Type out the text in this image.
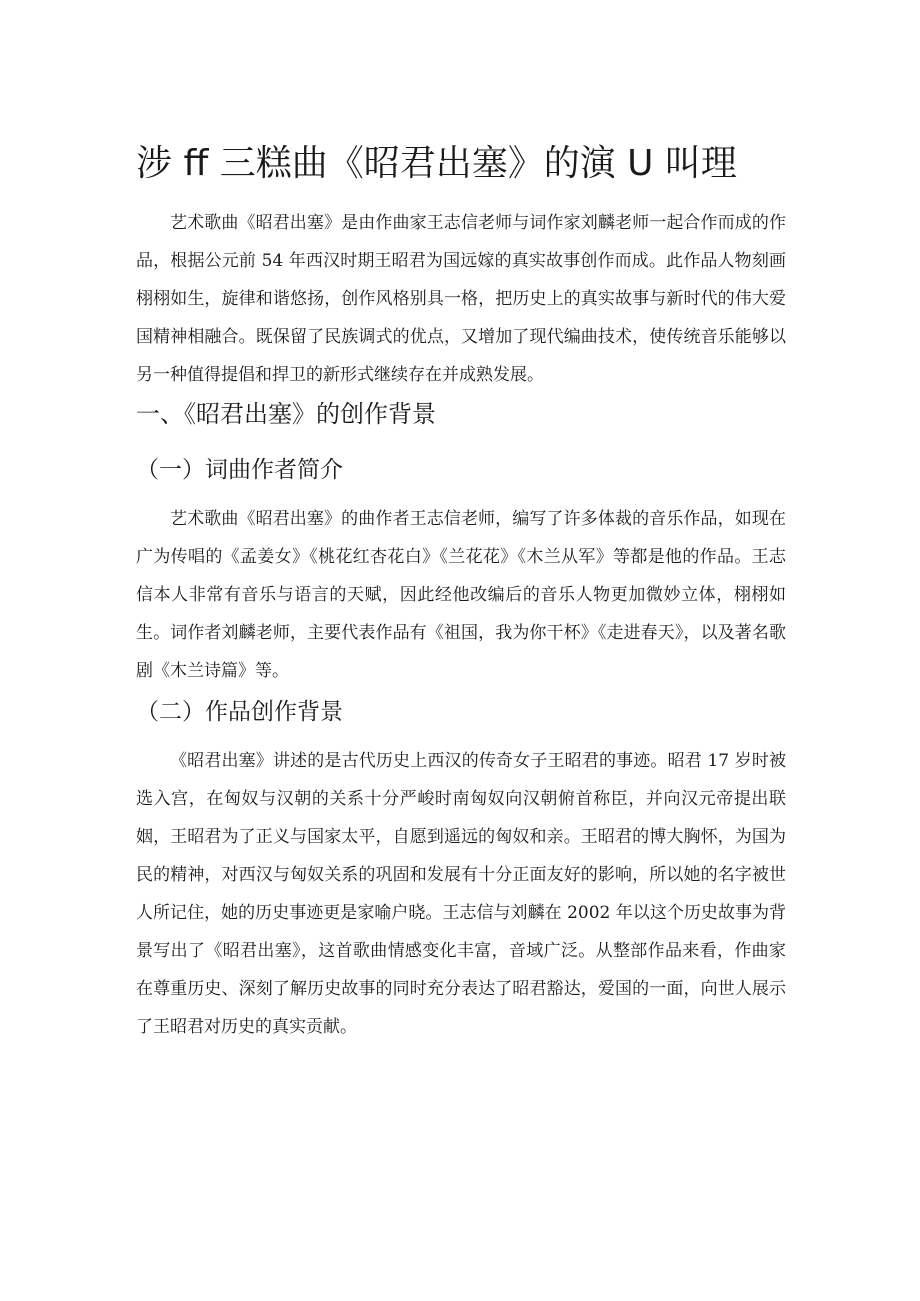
涉 ff 三糕曲《昭君出塞》的演 U 叫理

艺术歌曲《昭君出塞》是由作曲家王志信老师与词作家刘麟老师一起合作而成的作品，根据公元前 54 年西汉时期王昭君为国远嫁的真实故事创作而成。此作品人物刻画栩栩如生，旋律和谐悠扬，创作风格别具一格，把历史上的真实故事与新时代的伟大爱国精神相融合。既保留了民族调式的优点，又增加了现代编曲技术，使传统音乐能够以另一种值得提倡和捍卫的新形式继续存在并成熟发展。

一、《昭君出塞》的创作背景
（一）词曲作者简介

艺术歌曲《昭君出塞》的曲作者王志信老师，编写了许多体裁的音乐作品，如现在广为传唱的《孟姜女》《桃花红杏花白》《兰花花》《木兰从军》等都是他的作品。王志信本人非常有音乐与语言的天赋，因此经他改编后的音乐人物更加微妙立体，栩栩如生。词作者刘麟老师，主要代表作品有《祖国，我为你干杯》《走进春天》，以及著名歌剧《木兰诗篇》等。

（二）作品创作背景

《昭君出塞》讲述的是古代历史上西汉的传奇女子王昭君的事迹。昭君 17 岁时被选入宫，在匈奴与汉朝的关系十分严峻时南匈奴向汉朝俯首称臣，并向汉元帝提出联姻，王昭君为了正义与国家太平，自愿到遥远的匈奴和亲。王昭君的博大胸怀，为国为民的精神，对西汉与匈奴关系的巩固和发展有十分正面友好的影响，所以她的名字被世人所记住，她的历史事迹更是家喻户晓。王志信与刘麟在 2002 年以这个历史故事为背景写出了《昭君出塞》，这首歌曲情感变化丰富，音域广泛。从整部作品来看，作曲家在尊重历史、深刻了解历史故事的同时充分表达了昭君豁达，爱国的一面，向世人展示了王昭君对历史的真实贡献。
